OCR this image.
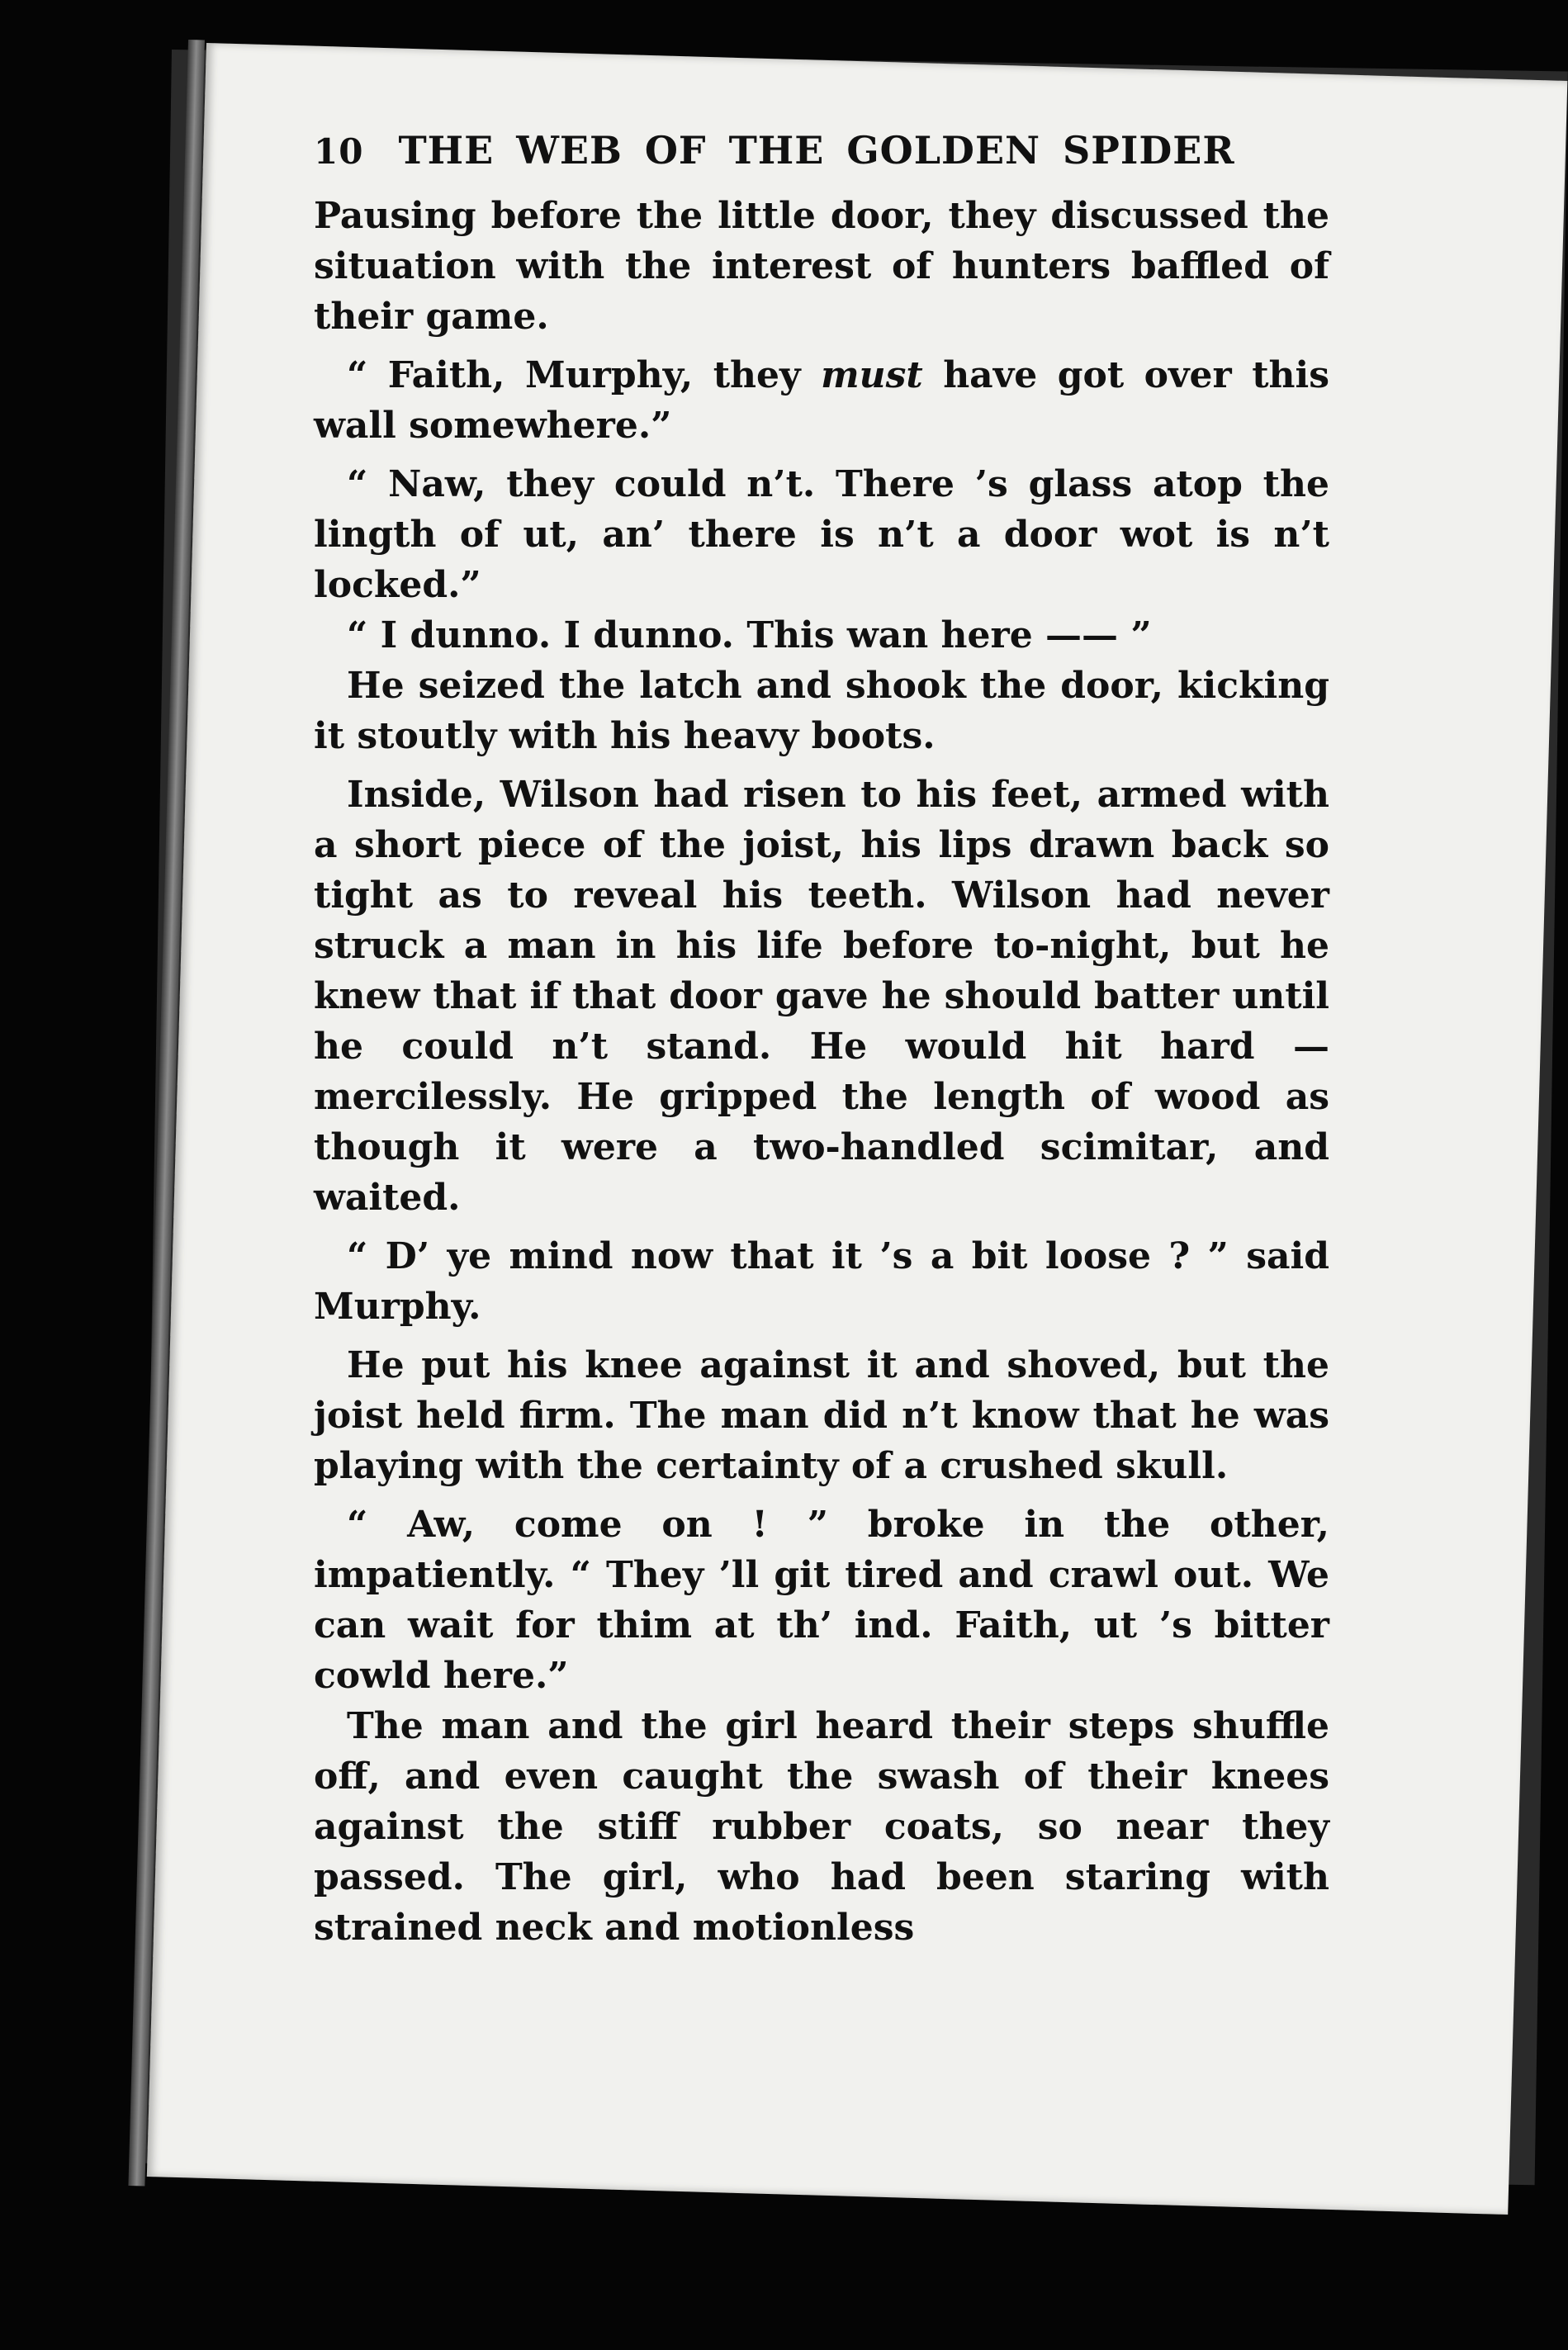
10 THE WEB OF THE GOLDEN SPIDER

Pausing before the little door, they discussed the situation with the interest of hunters baffled of their game.

“ Faith, Murphy, they must have got over this wall somewhere.”

“ Naw, they could n’t. There ’s glass atop the lingth of ut, an’ there is n’t a door wot is n’t locked.”

“ I dunno. I dunno. This wan here —— ”

He seized the latch and shook the door, kicking it stoutly with his heavy boots.

Inside, Wilson had risen to his feet, armed with a short piece of the joist, his lips drawn back so tight as to reveal his teeth. Wilson had never struck a man in his life before to-night, but he knew that if that door gave he should batter until he could n’t stand. He would hit hard — mercilessly. He gripped the length of wood as though it were a two-handled scimitar, and waited.

“ D’ ye mind now that it ’s a bit loose ? ” said Murphy.

He put his knee against it and shoved, but the joist held firm. The man did n’t know that he was playing with the certainty of a crushed skull.

“ Aw, come on ! ” broke in the other, impatiently. “ They ’ll git tired and crawl out. We can wait for thim at th’ ind. Faith, ut ’s bitter cowld here.”

The man and the girl heard their steps shuffle off, and even caught the swash of their knees against the stiff rubber coats, so near they passed. The girl, who had been staring with strained neck and motionless
